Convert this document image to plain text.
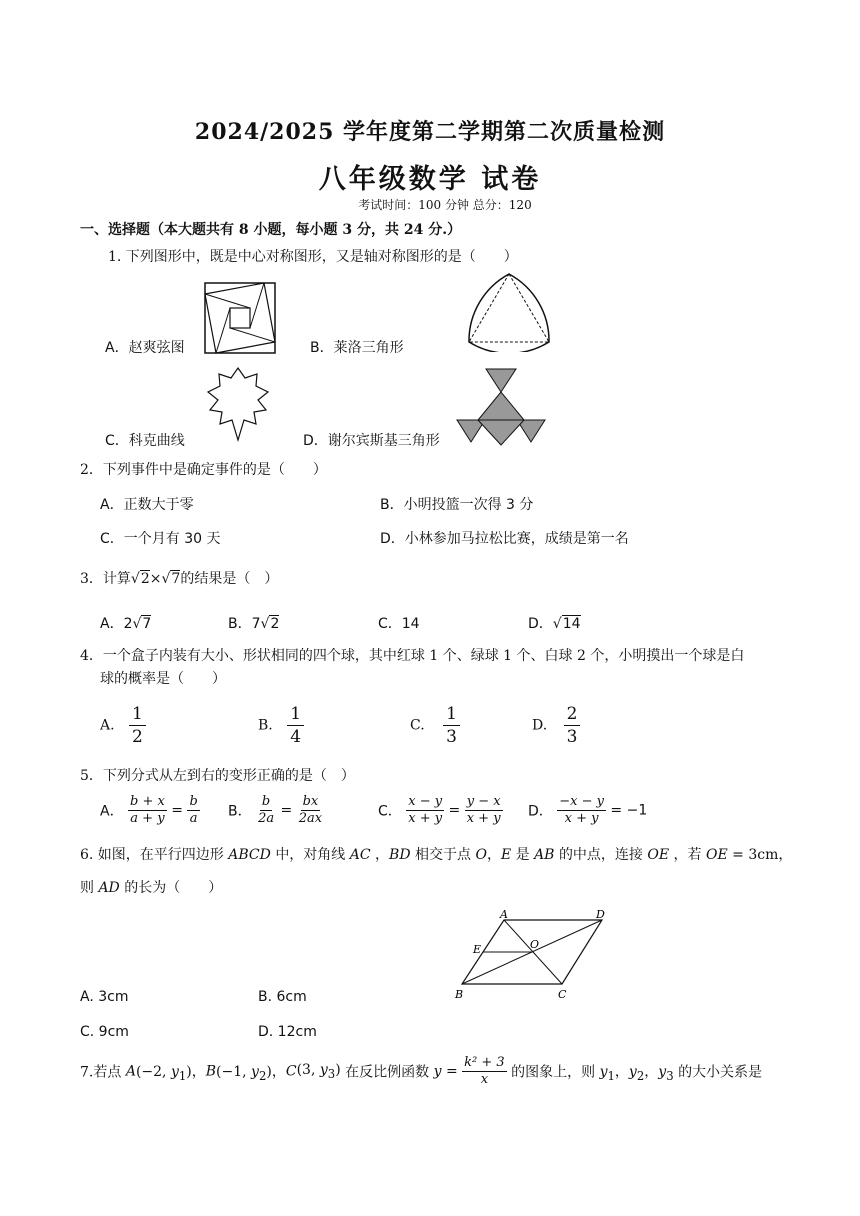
2024/2025 学年度第二学期第二次质量检测
八年级数学 试卷
考试时间：100 分钟 总分：120
一、选择题（本大题共有 8 小题，每小题 3 分，共 24 分.）
1. 下列图形中，既是中心对称图形，又是轴对称图形的是（　　）
A．赵爽弦图	B．莱洛三角形
C．科克曲线	D．谢尔宾斯基三角形
2．下列事件中是确定事件的是（　　）
A．正数大于零	B．小明投篮一次得 3 分
C．一个月有 30 天	D．小林参加马拉松比赛，成绩是第一名
3．计算√2×√7的结果是（　）
A．2√7	B．7√2	C．14	D．√14
4．一个盒子内装有大小、形状相同的四个球，其中红球 1 个、绿球 1 个、白球 2 个，小明摸出一个球是白
球的概率是（　　）
A. $\frac{1}{2}$	B. $\frac{1}{4}$	C. $\frac{1}{3}$	D. $\frac{2}{3}$
5．下列分式从左到右的变形正确的是（　）
A． $\frac{b + x}{a + y} = \frac{b}{a}$ B． $\frac{b}{2a} = \frac{bx}{2ax}$	C． $\frac{x - y}{x + y} = \frac{y - x}{x + y}$ D． $\frac{-x - y}{x + y} = -1$
6. 如图，在平行四边形 ABCD 中，对角线 AC ，BD 相交于点 O，E 是 AB 的中点，连接 OE ，若 OE = 3cm，
则 AD 的长为（　　）
A	D
E	O
B	C
A. 3cm	B. 6cm
C. 9cm	D. 12cm
7.若点 A(−2, $y_1$)，B(−1, $y_2$)，C(3, $y_3$) 在反比例函数 $y = \frac{\text{k² + 3}}{x}$ 的图象上，则 $y_1$，$y_2$，$y_3$ 的大小关系是
